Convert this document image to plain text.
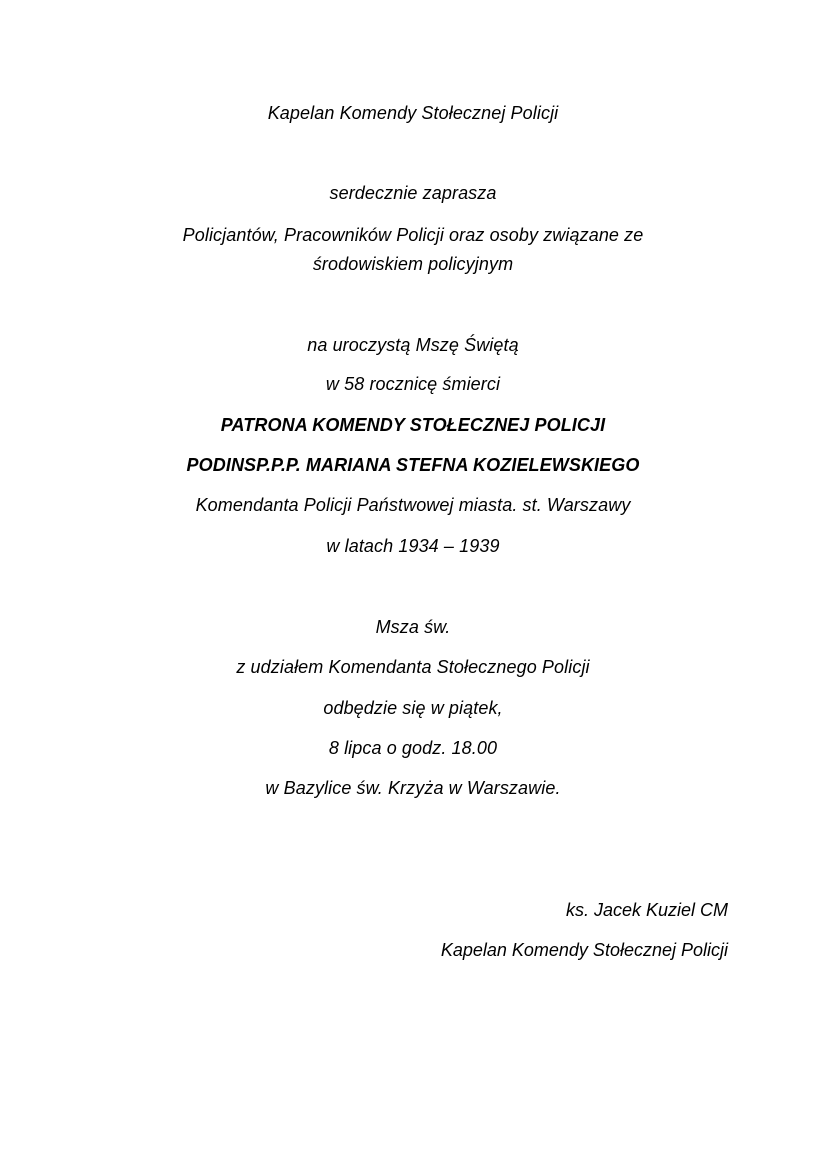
Kapelan Komendy Stołecznej Policji
serdecznie zaprasza
Policjantów, Pracowników Policji oraz osoby związane ze
środowiskiem policyjnym
na uroczystą Mszę Świętą
w 58 rocznicę śmierci
PATRONA KOMENDY STOŁECZNEJ POLICJI
PODINSP.P.P. MARIANA STEFNA KOZIELEWSKIEGO
Komendanta Policji Państwowej miasta. st. Warszawy
w latach 1934 – 1939
Msza św.
z udziałem Komendanta Stołecznego Policji
odbędzie się w piątek,
8 lipca o godz. 18.00
w Bazylice św. Krzyża w Warszawie.
ks. Jacek Kuziel CM
Kapelan Komendy Stołecznej Policji
